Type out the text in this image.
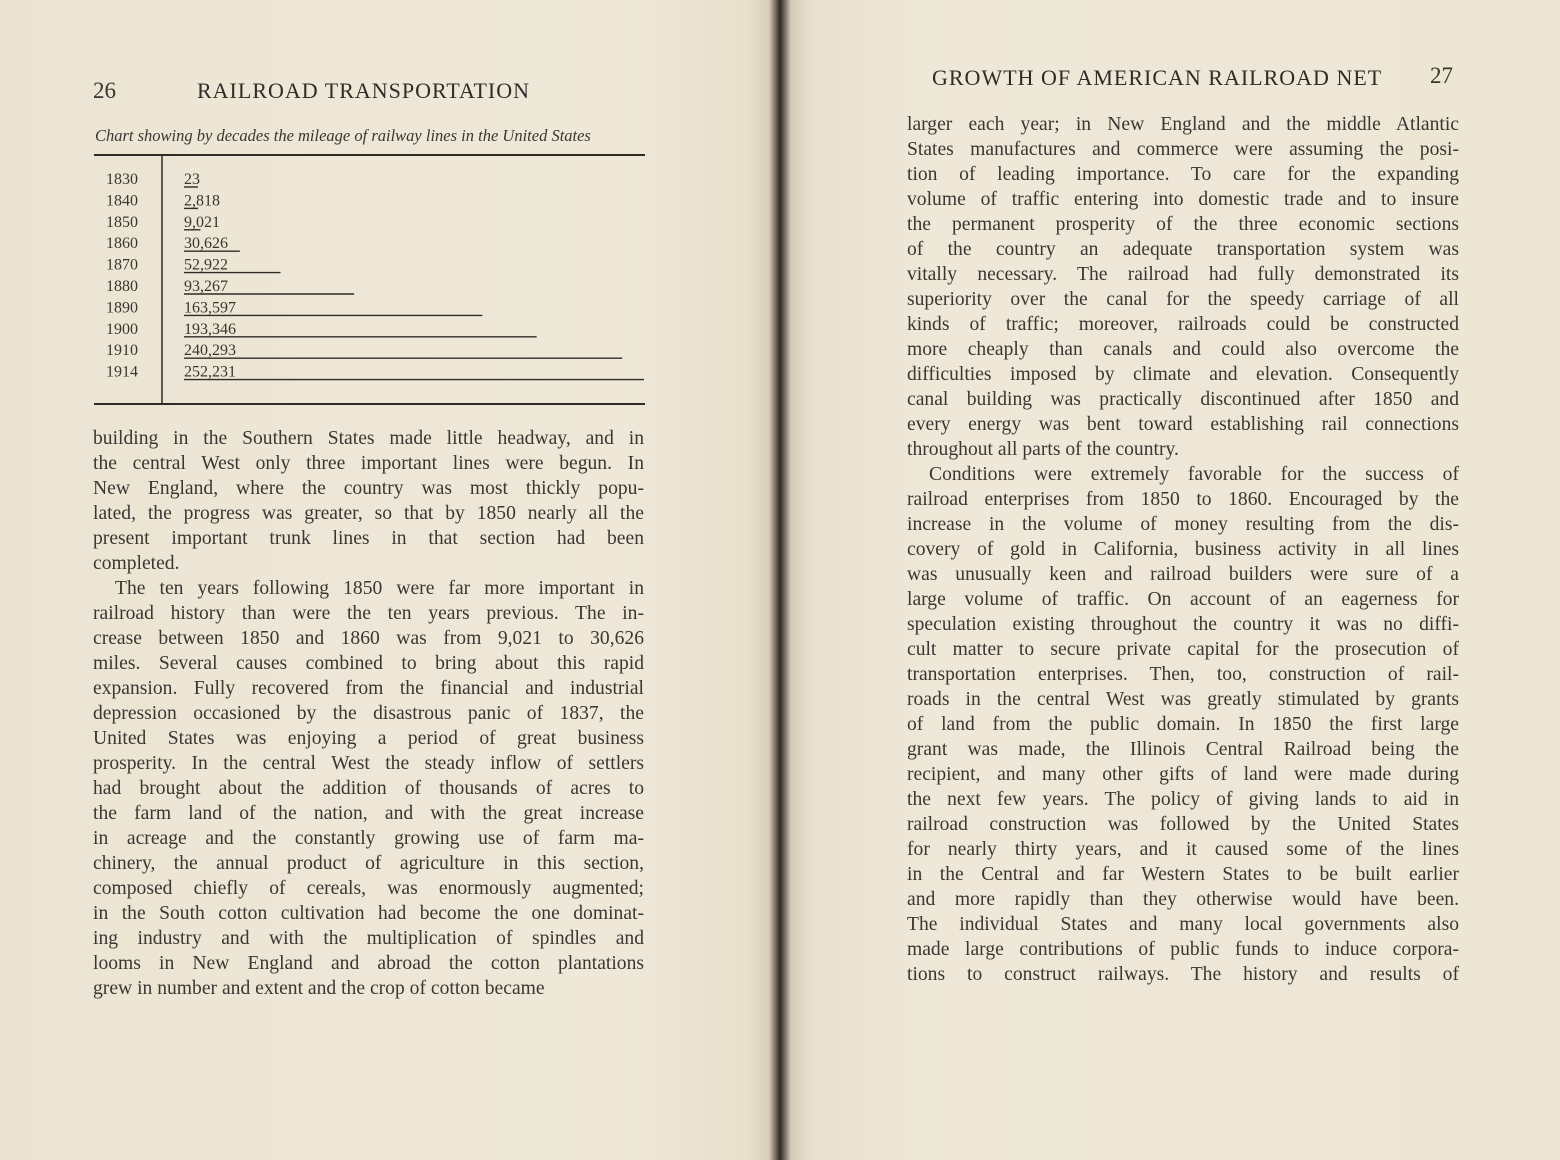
26	RAILROAD TRANSPORTATION
Chart showing by decades the mileage of railway lines in the United States
1830	23
1840	2,818
1850	9,021
1860	30,626
1870	52,922
1880	93,267
1890	163,597
1900	193,346
1910	240,293
1914	252,231
building in the Southern States made little headway, and in
the central West only three important lines were begun. In
New England, where the country was most thickly popu-
lated, the progress was greater, so that by 1850 nearly all the
present important trunk lines in that section had been
completed.
The ten years following 1850 were far more important in
railroad history than were the ten years previous. The in-
crease between 1850 and 1860 was from 9,021 to 30,626
miles. Several causes combined to bring about this rapid
expansion. Fully recovered from the financial and industrial
depression occasioned by the disastrous panic of 1837, the
United States was enjoying a period of great business
prosperity. In the central West the steady inflow of settlers
had brought about the addition of thousands of acres to
the farm land of the nation, and with the great increase
in acreage and the constantly growing use of farm ma-
chinery, the annual product of agriculture in this section,
composed chiefly of cereals, was enormously augmented;
in the South cotton cultivation had become the one dominat-
ing industry and with the multiplication of spindles and
looms in New England and abroad the cotton plantations
grew in number and extent and the crop of cotton became
GROWTH OF AMERICAN RAILROAD NET 27
larger each year; in New England and the middle Atlantic
States manufactures and commerce were assuming the posi-
tion of leading importance. To care for the expanding
volume of traffic entering into domestic trade and to insure
the permanent prosperity of the three economic sections
of the country an adequate transportation system was
vitally necessary. The railroad had fully demonstrated its
superiority over the canal for the speedy carriage of all
kinds of traffic; moreover, railroads could be constructed
more cheaply than canals and could also overcome the
difficulties imposed by climate and elevation. Consequently
canal building was practically discontinued after 1850 and
every energy was bent toward establishing rail connections
throughout all parts of the country.
Conditions were extremely favorable for the success of
railroad enterprises from 1850 to 1860. Encouraged by the
increase in the volume of money resulting from the dis-
covery of gold in California, business activity in all lines
was unusually keen and railroad builders were sure of a
large volume of traffic. On account of an eagerness for
speculation existing throughout the country it was no diffi-
cult matter to secure private capital for the prosecution of
transportation enterprises. Then, too, construction of rail-
roads in the central West was greatly stimulated by grants
of land from the public domain. In 1850 the first large
grant was made, the Illinois Central Railroad being the
recipient, and many other gifts of land were made during
the next few years. The policy of giving lands to aid in
railroad construction was followed by the United States
for nearly thirty years, and it caused some of the lines
in the Central and far Western States to be built earlier
and more rapidly than they otherwise would have been.
The individual States and many local governments also
made large contributions of public funds to induce corpora-
tions to construct railways. The history and results of
